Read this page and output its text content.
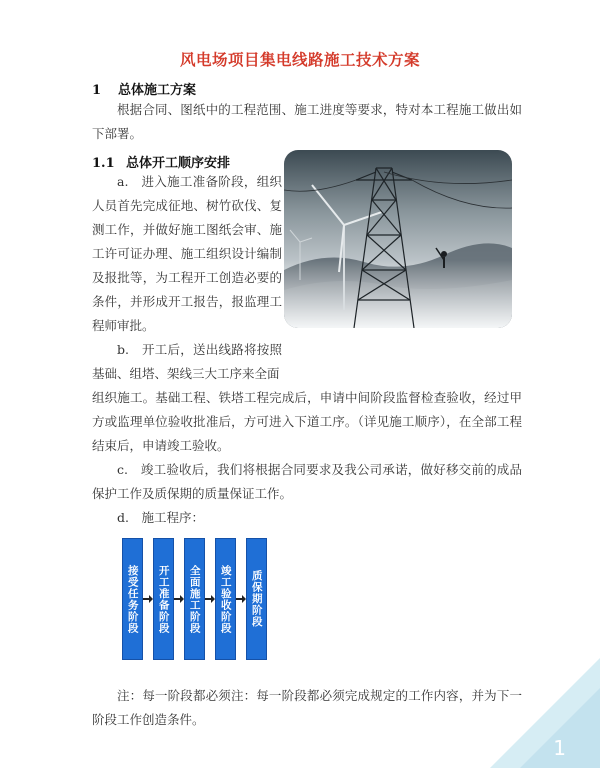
风电场项目集电线路施工技术方案
1 总体施工方案

根据合同、图纸中的工程范围、施工进度等要求，特对本工程施工做出如下部署。

1.1 总体开工顺序安排

a.　进入施工准备阶段，组织人员首先完成征地、树竹砍伐、复测工作，并做好施工图纸会审、施工许可证办理、施工组织设计编制及报批等，为工程开工创造必要的条件，并形成开工报告，报监理工程师审批。

b.　开工后，送出线路将按照基础、组塔、架线三大工序来全面

组织施工。基础工程、铁塔工程完成后，申请中间阶段监督检查验收，经过甲方或监理单位验收批准后，方可进入下道工序。（详见施工顺序），在全部工程结束后，申请竣工验收。

c.　竣工验收后，我们将根据合同要求及我公司承诺，做好移交前的成品保护工作及质保期的质量保证工作。

d.　施工程序：

接受任务阶段 开工准备阶段 全面施工阶段 竣工验收阶段 质保期阶段

注：每一阶段都必须注：每一阶段都必须完成规定的工作内容，并为下一阶段工作创造条件。

1
